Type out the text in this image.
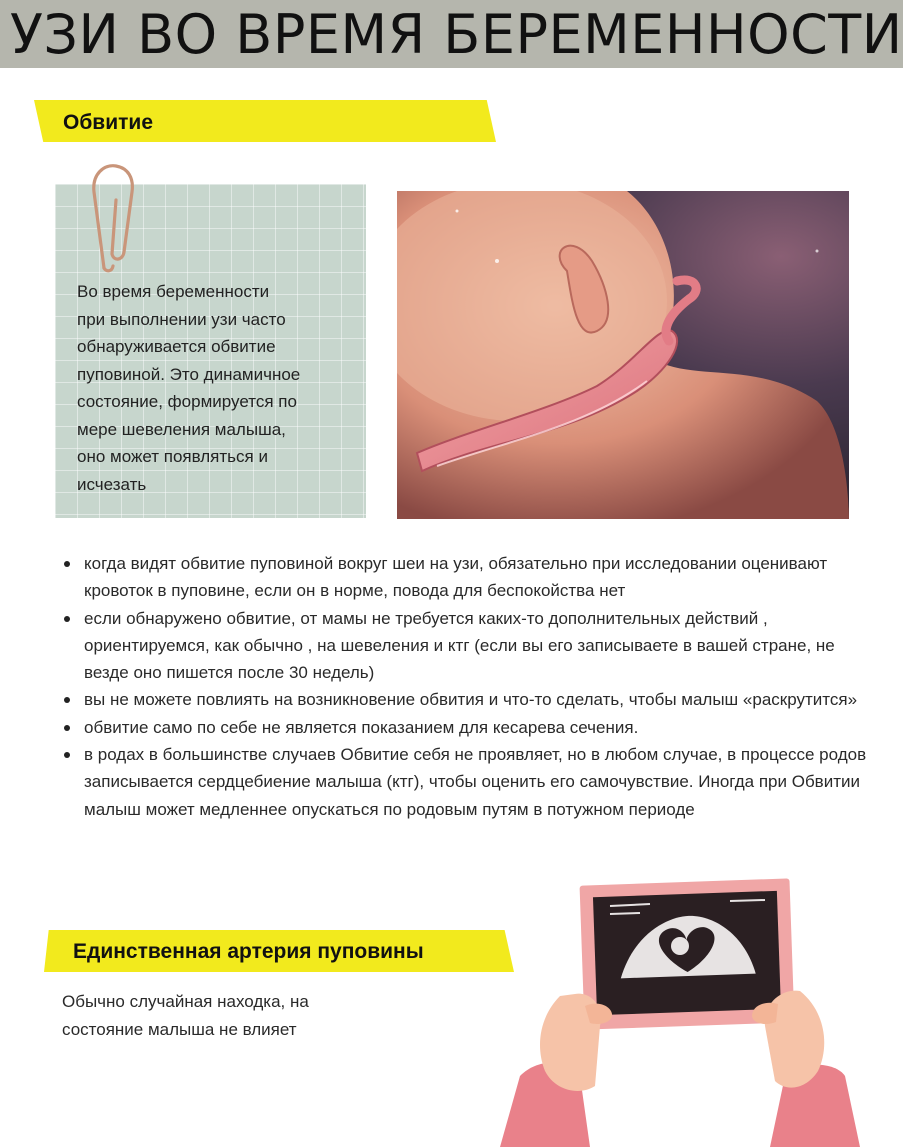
УЗИ ВО ВРЕМЯ БЕРЕМЕННОСТИ
Обвитие
Во время беременности
при выполнении узи часто
обнаруживается обвитие
пуповиной. Это динамичное
состояние, формируется по
мере шевеления малыша,
оно может появляться и
исчезать
когда видят обвитие пуповиной вокруг шеи на узи, обязательно при исследовании оценивают кровоток в пуповине, если он в норме, повода для беспокойства нет
если обнаружено обвитие, от мамы не требуется каких-то дополнительных действий , ориентируемся, как обычно , на шевеления и ктг (если вы его записываете в вашей стране, не везде оно пишется после 30 недель)
вы не можете повлиять на возникновение обвития и что-то сделать, чтобы малыш «раскрутится»
обвитие само по себе не является показанием для кесарева сечения.
в родах в большинстве случаев Обвитие себя не проявляет, но в любом случае, в процессе родов записывается сердцебиение малыша (ктг), чтобы оценить его самочувствие. Иногда при Обвитии малыш может медленнее опускаться по родовым путям в потужном периоде
Единственная артерия пуповины
Обычно случайная находка, на
состояние малыша не влияет
